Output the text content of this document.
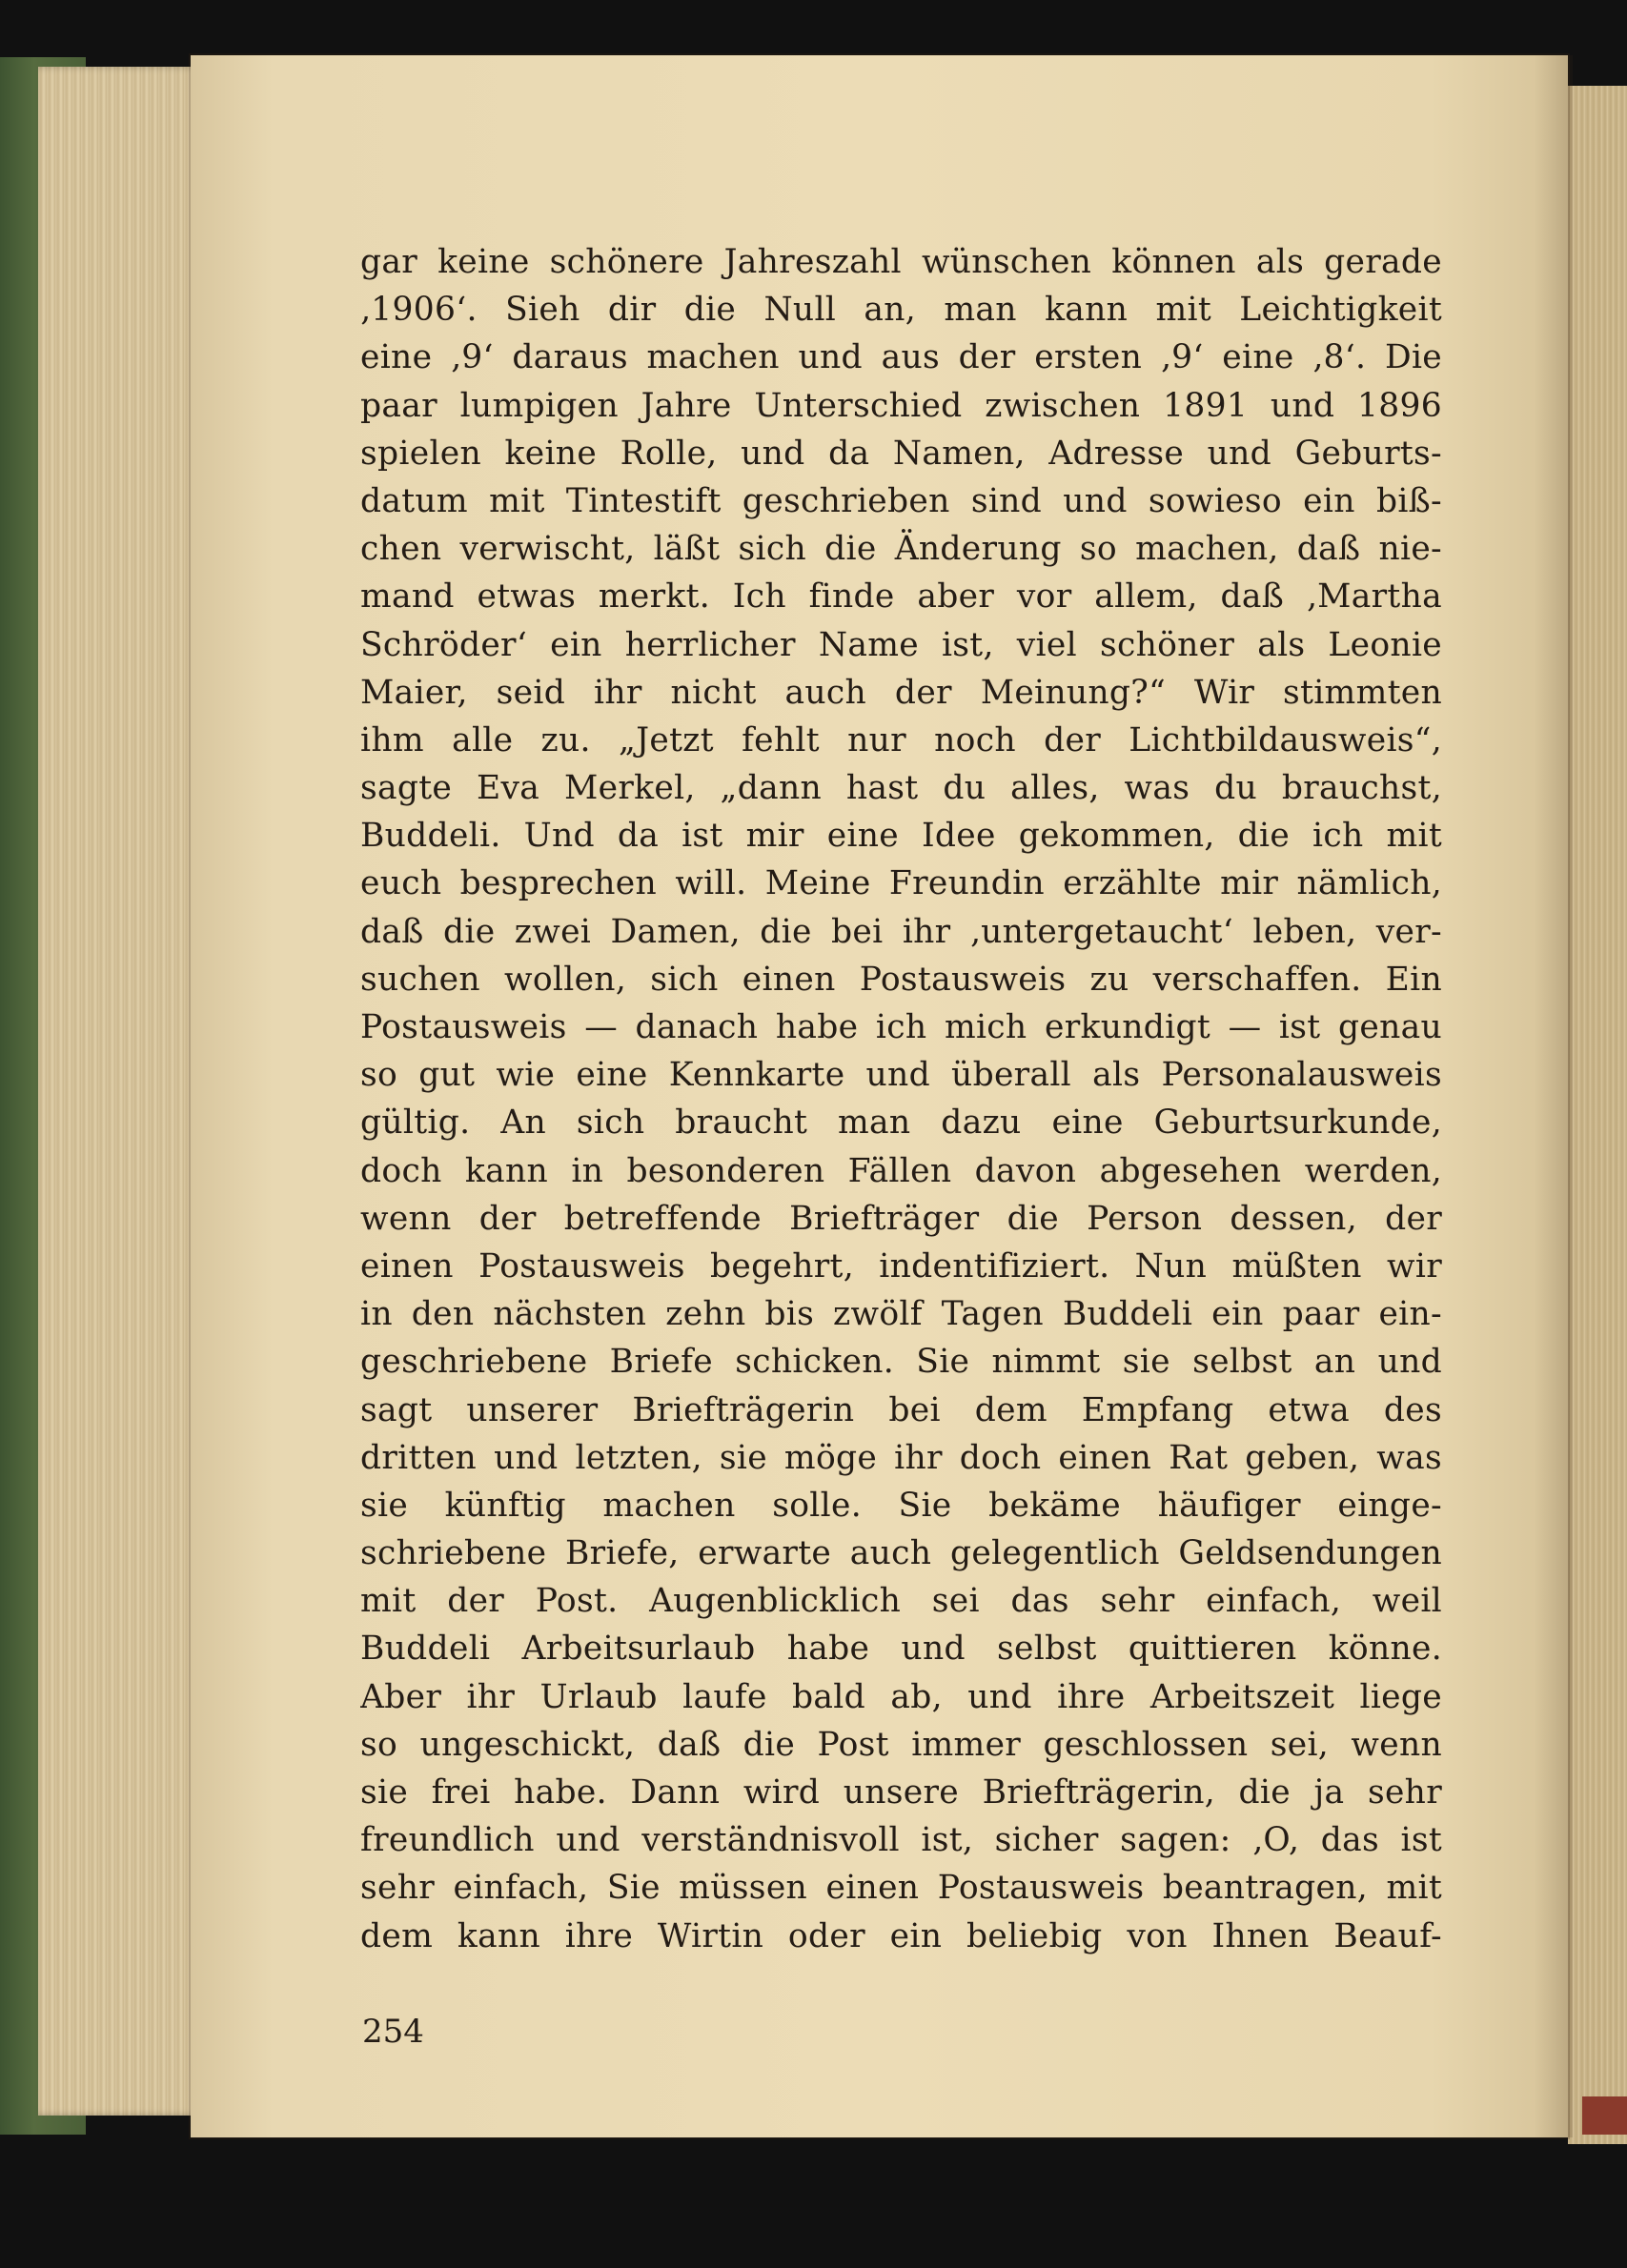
gar keine schönere Jahreszahl wünschen können als gerade
‚1906‘. Sieh dir die Null an, man kann mit Leichtigkeit
eine ‚9‘ daraus machen und aus der ersten ‚9‘ eine ‚8‘. Die
paar lumpigen Jahre Unterschied zwischen 1891 und 1896
spielen keine Rolle, und da Namen, Adresse und Geburts-
datum mit Tintestift geschrieben sind und sowieso ein biß-
chen verwischt, läßt sich die Änderung so machen, daß nie-
mand etwas merkt. Ich finde aber vor allem, daß ‚Martha
Schröder‘ ein herrlicher Name ist, viel schöner als Leonie
Maier, seid ihr nicht auch der Meinung?“ Wir stimmten
ihm alle zu. „Jetzt fehlt nur noch der Lichtbildausweis“,
sagte Eva Merkel, „dann hast du alles, was du brauchst,
Buddeli. Und da ist mir eine Idee gekommen, die ich mit
euch besprechen will. Meine Freundin erzählte mir nämlich,
daß die zwei Damen, die bei ihr ‚untergetaucht‘ leben, ver-
suchen wollen, sich einen Postausweis zu verschaffen. Ein
Postausweis — danach habe ich mich erkundigt — ist genau
so gut wie eine Kennkarte und überall als Personalausweis
gültig. An sich braucht man dazu eine Geburtsurkunde,
doch kann in besonderen Fällen davon abgesehen werden,
wenn der betreffende Briefträger die Person dessen, der
einen Postausweis begehrt, indentifiziert. Nun müßten wir
in den nächsten zehn bis zwölf Tagen Buddeli ein paar ein-
geschriebene Briefe schicken. Sie nimmt sie selbst an und
sagt unserer Briefträgerin bei dem Empfang etwa des
dritten und letzten, sie möge ihr doch einen Rat geben, was
sie künftig machen solle. Sie bekäme häufiger einge-
schriebene Briefe, erwarte auch gelegentlich Geldsendungen
mit der Post. Augenblicklich sei das sehr einfach, weil
Buddeli Arbeitsurlaub habe und selbst quittieren könne.
Aber ihr Urlaub laufe bald ab, und ihre Arbeitszeit liege
so ungeschickt, daß die Post immer geschlossen sei, wenn
sie frei habe. Dann wird unsere Briefträgerin, die ja sehr
freundlich und verständnisvoll ist, sicher sagen: ‚O, das ist
sehr einfach, Sie müssen einen Postausweis beantragen, mit
dem kann ihre Wirtin oder ein beliebig von Ihnen Beauf-
254
